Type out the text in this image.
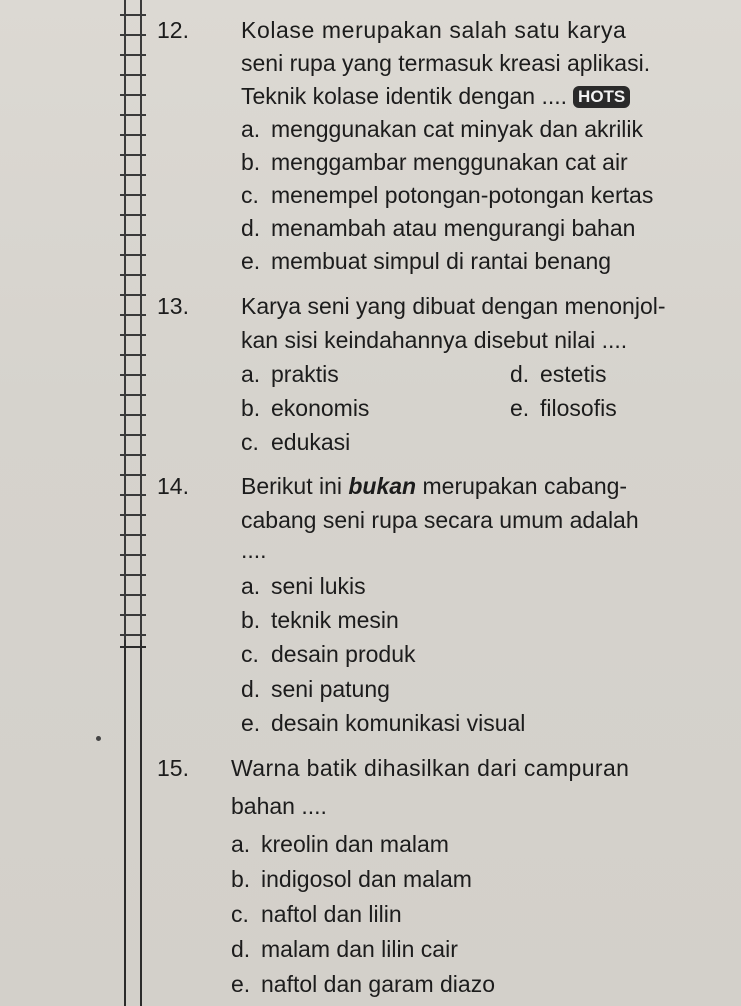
12.	Kolase merupakan salah satu karya
seni rupa yang termasuk kreasi aplikasi.
Teknik kolase identik dengan .... HOTS
a. menggunakan cat minyak dan akrilik
b. menggambar menggunakan cat air
c. menempel potongan-potongan kertas
d. menambah atau mengurangi bahan
e. membuat simpul di rantai benang
13.	Karya seni yang dibuat dengan menonjol-
kan sisi keindahannya disebut nilai ....
a. praktis
b. ekonomis
c. edukasi
d. estetis
e. filosofis
14.	Berikut ini bukan merupakan cabang-
cabang seni rupa secara umum adalah
....
a. seni lukis
b. teknik mesin
c. desain produk
d. seni patung
e. desain komunikasi visual
15.	Warna batik dihasilkan dari campuran
bahan ....
a. kreolin dan malam
b. indigosol dan malam
c. naftol dan lilin
d. malam dan lilin cair
e. naftol dan garam diazo
